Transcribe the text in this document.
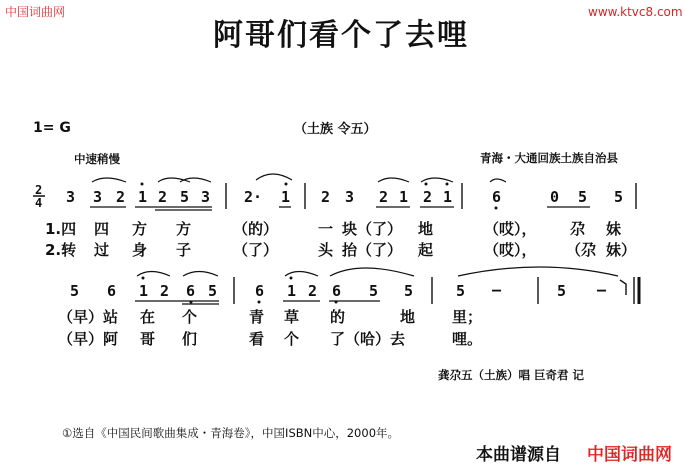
中国词曲网	www.ktvc8.com
阿哥们看个了去哩
1= G	（土族 令五）
中速稍慢	青海・大通回族土族自治县
2
4 3 3 2 1 2 5 3 2· 1 2 3 2 1 2 1	6	0 5 5
1.四 四 方 方	（的）	一 块（了） 地	（哎）， 尕 妹
2.转 过 身 子	（了）	头 抬（了） 起	（哎）， （尕 妹）
5 6 1 2 6 5	6 1 2 6 5 5	5 –	5 –
（早）站 在 个	青 草 的	地 里；
（早）阿 哥 们	看 个 了（哈）去	哩。
龚尕五（土族）唱 巨奇君 记
①选自《中国民间歌曲集成・青海卷》，中国ISBN中心，2000年。
本曲谱源自 中国词曲网
